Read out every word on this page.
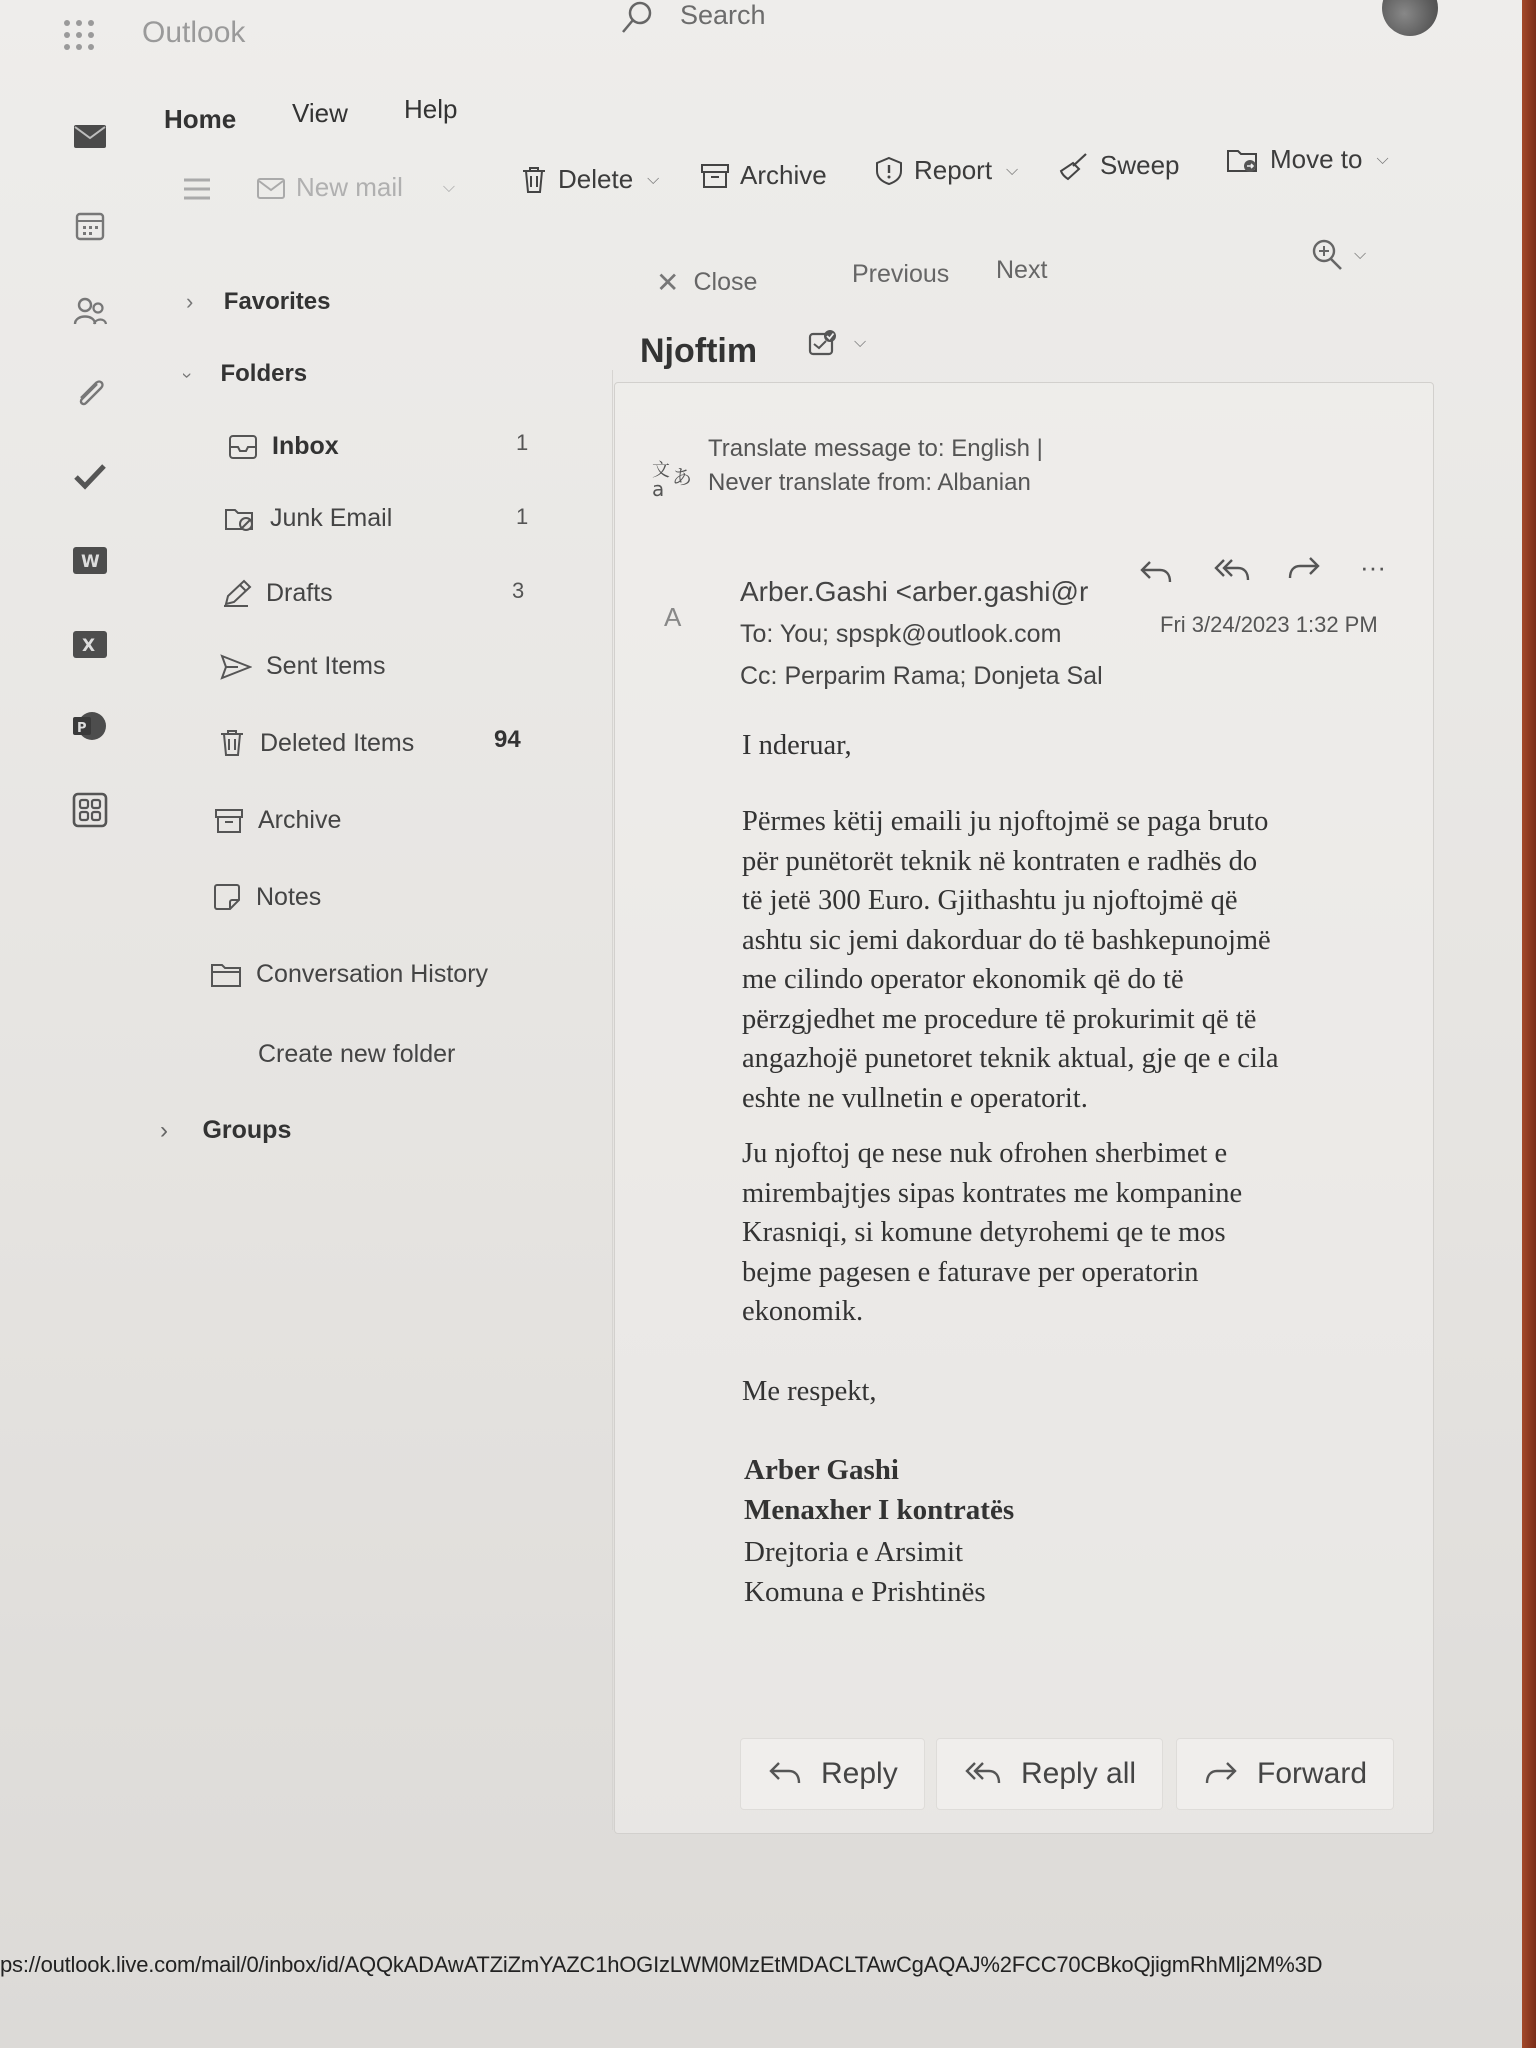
Outlook
Search
W
X
P
Home View Help
New mail	⌵	Delete ⌵	Archive	Report ⌵	Sweep	Move to ⌵
› Favorites
› Folders
Inbox	1
Junk Email	1
Drafts	3
Sent Items
Deleted Items	94
Archive
Notes
Conversation History
Create new folder
› Groups
✕ Close	Previous Next
⌵
Njoftim	⌵
文
a あ
Translate message to: English |
Never translate from: Albanian
A
Arber.Gashi <arber.gashi@r
To: You; spspk@outlook.com
Cc: Perparim Rama; Donjeta Sal
Fri 3/24/2023 1:32 PM
···
I nderuar,
Përmes këtij emaili ju njoftojmë se paga bruto
për punëtorët teknik në kontraten e radhës do
të jetë 300 Euro. Gjithashtu ju njoftojmë që
ashtu sic jemi dakorduar do të bashkepunojmë
me cilindo operator ekonomik që do të
përzgjedhet me procedure të prokurimit që të
angazhojë punetoret teknik aktual, gje qe e cila
eshte ne vullnetin e operatorit.
Ju njoftoj qe nese nuk ofrohen sherbimet e
mirembajtjes sipas kontrates me kompanine
Krasniqi, si komune detyrohemi qe te mos
bejme pagesen e faturave per operatorin
ekonomik.
Me respekt,
Arber Gashi
Menaxher I kontratës
Drejtoria e Arsimit
Komuna e Prishtinës
Reply	Reply all	Forward
ps://outlook.live.com/mail/0/inbox/id/AQQkADAwATZiZmYAZC1hOGIzLWM0MzEtMDACLTAwCgAQAJ%2FCC70CBkoQjigmRhMlj2M%3D
